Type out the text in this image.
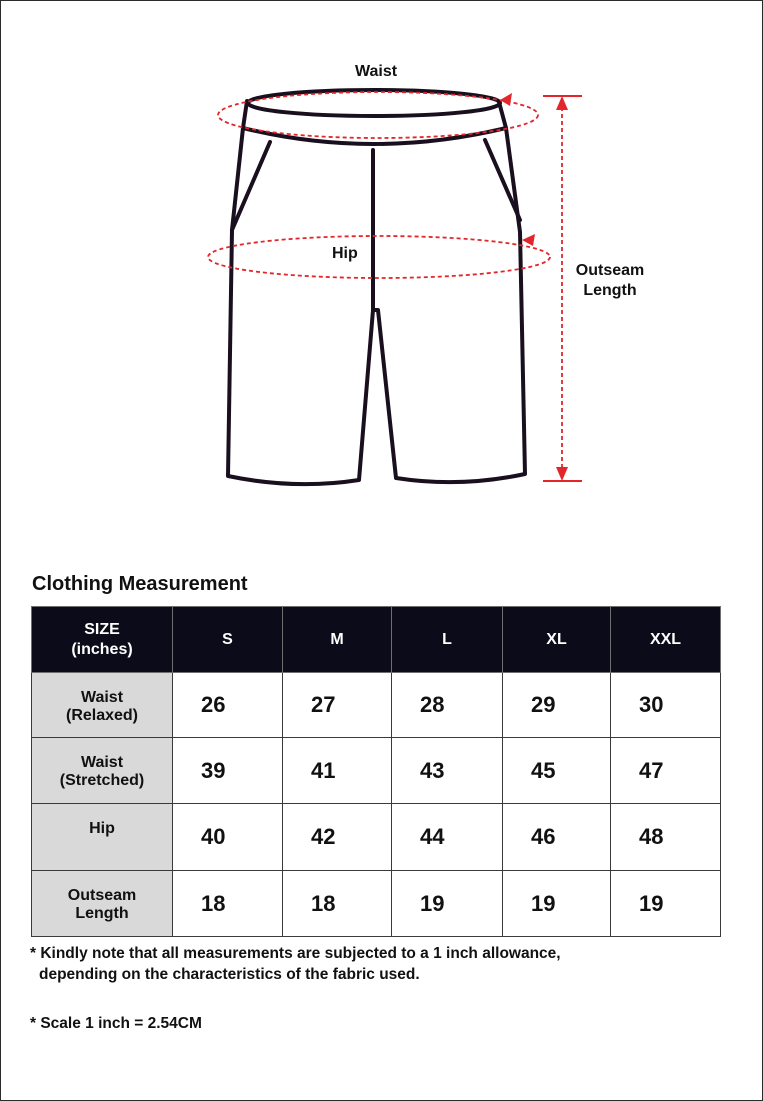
Waist
Hip
Outseam
Length
Clothing Measurement
SIZE
(inches)	S	M	L	XL	XXL
Waist
(Relaxed)	26	27	28	29	30
Waist
(Stretched)	39	41	43	45	47
Hip	40	42	44	46	48
Outseam
Length	18	18	19	19	19
* Kindly note that all measurements are subjected to a 1 inch allowance,
depending on the characteristics of the fabric used.
* Scale 1 inch = 2.54CM
